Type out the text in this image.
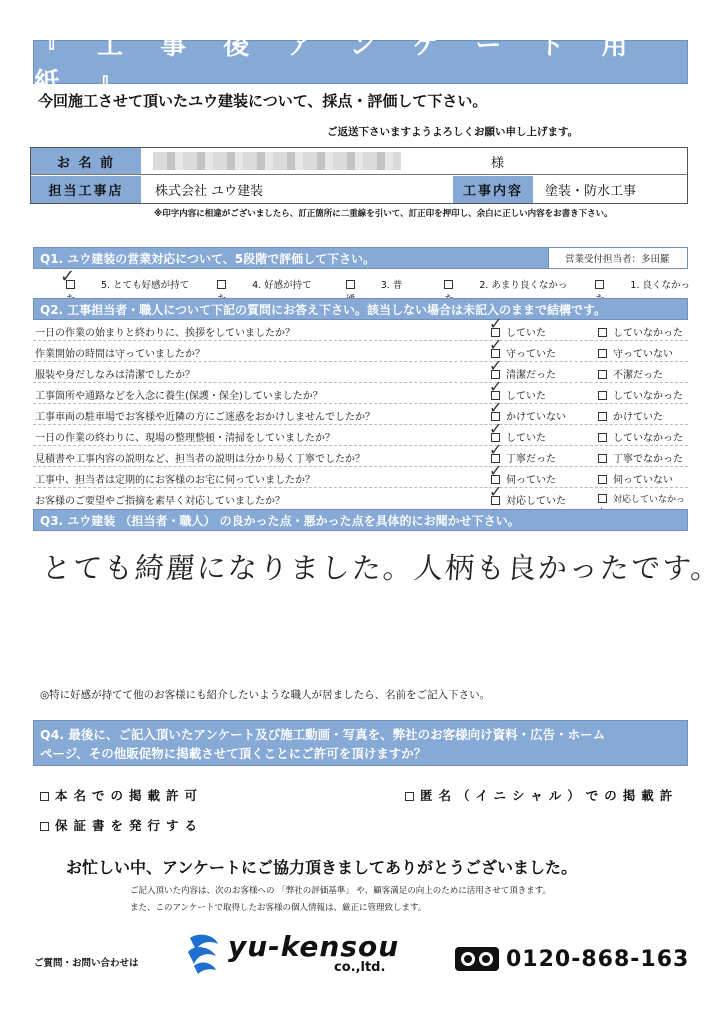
『 工 事 後 ア ン ケ ー ト 用 紙 』
今回施工させて頂いたユウ建装について、採点・評価して下さい。
ご返送下さいますようよろしくお願い申し上げます。
お 名 前	様
担当工事店	株式会社 ユウ建装	工事内容	塗装・防水工事
※印字内容に相違がございましたら、訂正箇所に二重線を引いて、訂正印を押印し、余白に正しい内容をお書き下さい。
Q1. ユウ建装の営業対応について、5段階で評価して下さい。	営業受付担当者：多田羅
5. とても好感が持て	4. 好感が持て	3. 普	2. あまり良くなかっ	1. 良くなかっ
✓
Q2. 工事担当者・職人について下記の質問にお答え下さい。該当しない場合は未記入のままで結構です。
一日の作業の始まりと終わりに、挨拶をしていましたか？
✓
していた	していなかった
作業開始の時間は守っていましたか？
✓
守っていた	守っていない
服装や身だしなみは清潔でしたか？
✓
清潔だった	不潔だった
工事箇所や通路などを入念に養生(保護・保全)していましたか？
✓
していた	していなかった
工事車両の駐車場でお客様や近隣の方にご迷惑をおかけしませんでしたか？
✓
かけていない	かけていた
一日の作業の終わりに、現場の整理整頓・清掃をしていましたか？
✓
していた	していなかった
見積書や工事内容の説明など、担当者の説明は分かり易く丁寧でしたか？
✓
丁寧だった	丁寧でなかった
工事中、担当者は定期的にお客様のお宅に伺っていましたか？
✓
伺っていた	伺っていない
お客様のご要望やご指摘を素早く対応していましたか？
✓
対応していた	対応していなかっ
Q3. ユウ建装 （担当者・職人） の良かった点・悪かった点を具体的にお聞かせ下さい。
とても綺麗になりました。人柄も良かったです。
◎特に好感が持てて他のお客様にも紹介したいような職人が居ましたら、名前をご記入下さい。
Q4. 最後に、ご記入頂いたアンケート及び施工動画・写真を、弊社のお客様向け資料・広告・ホーム
ページ、その他販促物に掲載させて頂くことにご許可を頂けますか？
本名での掲載許可	匿名（イニシャル）での掲載許
保証書を発行する
お忙しい中、アンケートにご協力頂きましてありがとうございました。
ご記入頂いた内容は、次のお客様への 「弊社の評価基準」 や、顧客満足の向上のために活用させて頂きます。
また、このアンケートで取得したお客様の個人情報は、厳正に管理致します。
ご質問・お問い合わせは
yu-kensou
co.,ltd.	0120-868-163
